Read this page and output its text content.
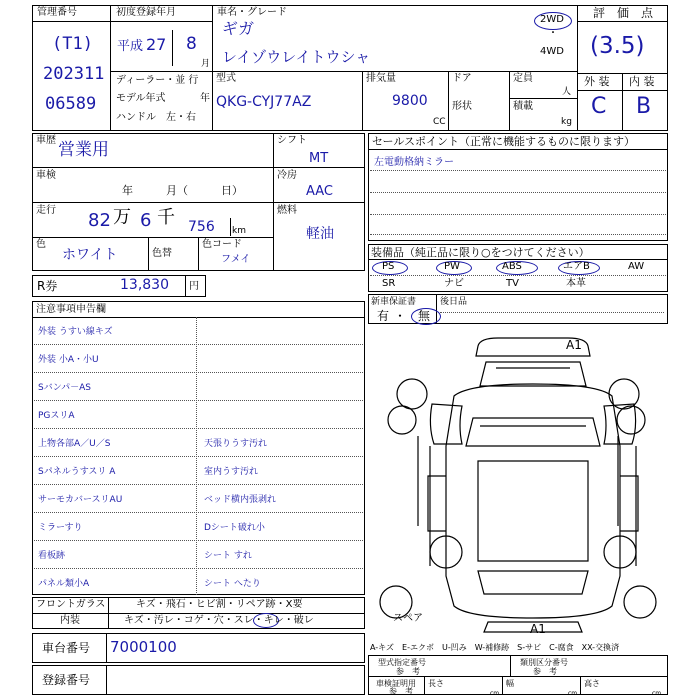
管理番号
(T1)
202311
06589
初度登録年月
平成 27 8
月
車名・グレード
ギガ
レイゾウレイトウシャ
2WD
・
4WD
評　価　点
(3.5)
外 装 内 装
C B
ディーラー・並 行
モデル年式	年
ハンドル　左・右
型式
QKG-CYJ77AZ
排気量
9800
CC
ドア
形状
定員
人
積載
kg
車歴 営業用
車検
年　　　月（　　　日）
走行 82 万 6 千 756 km
色
ホワイト	色替
色コード
フメイ
シフト
MT
冷房
AAC
燃料
軽油
R券	13,830 円
セールスポイント（正常に機能するものに限ります）
左電動格納ミラー
装備品（純正品に限り○をつけてください）
PS	PW	ABS	エアB	AW
SR	ナビ	TV	本革
新車保証書
有 ・ 無
後日品
注意事項申告欄
外装 うすい線キズ
外装 小A・小U
Sバンパ－AS
PGスリA
上物各部A／U／S	天張りうす汚れ
Sパネルうすスリ A	室内うす汚れ
サーモカバースリAU	ベッド横内張剥れ
ミラーすり	Dシート破れ小
看板跡	シート すれ
パネル類小A	シート へたり
フロントガラス	キズ・飛石・ヒビ割・リペア跡・X要
内装	キズ・汚レ・コゲ・穴・スレ・キレ・破レ
車台番号 7000100
登録番号
A1
A1
スペア
A-キズ　E-エクボ　U-凹み　W-補修跡　S-サビ　C-腐食　XX-交換済
型式指定番号
参　考
類別区分番号
参　考
車検証明用
参　考
長さ
cm
幅
cm
高さ
cm
